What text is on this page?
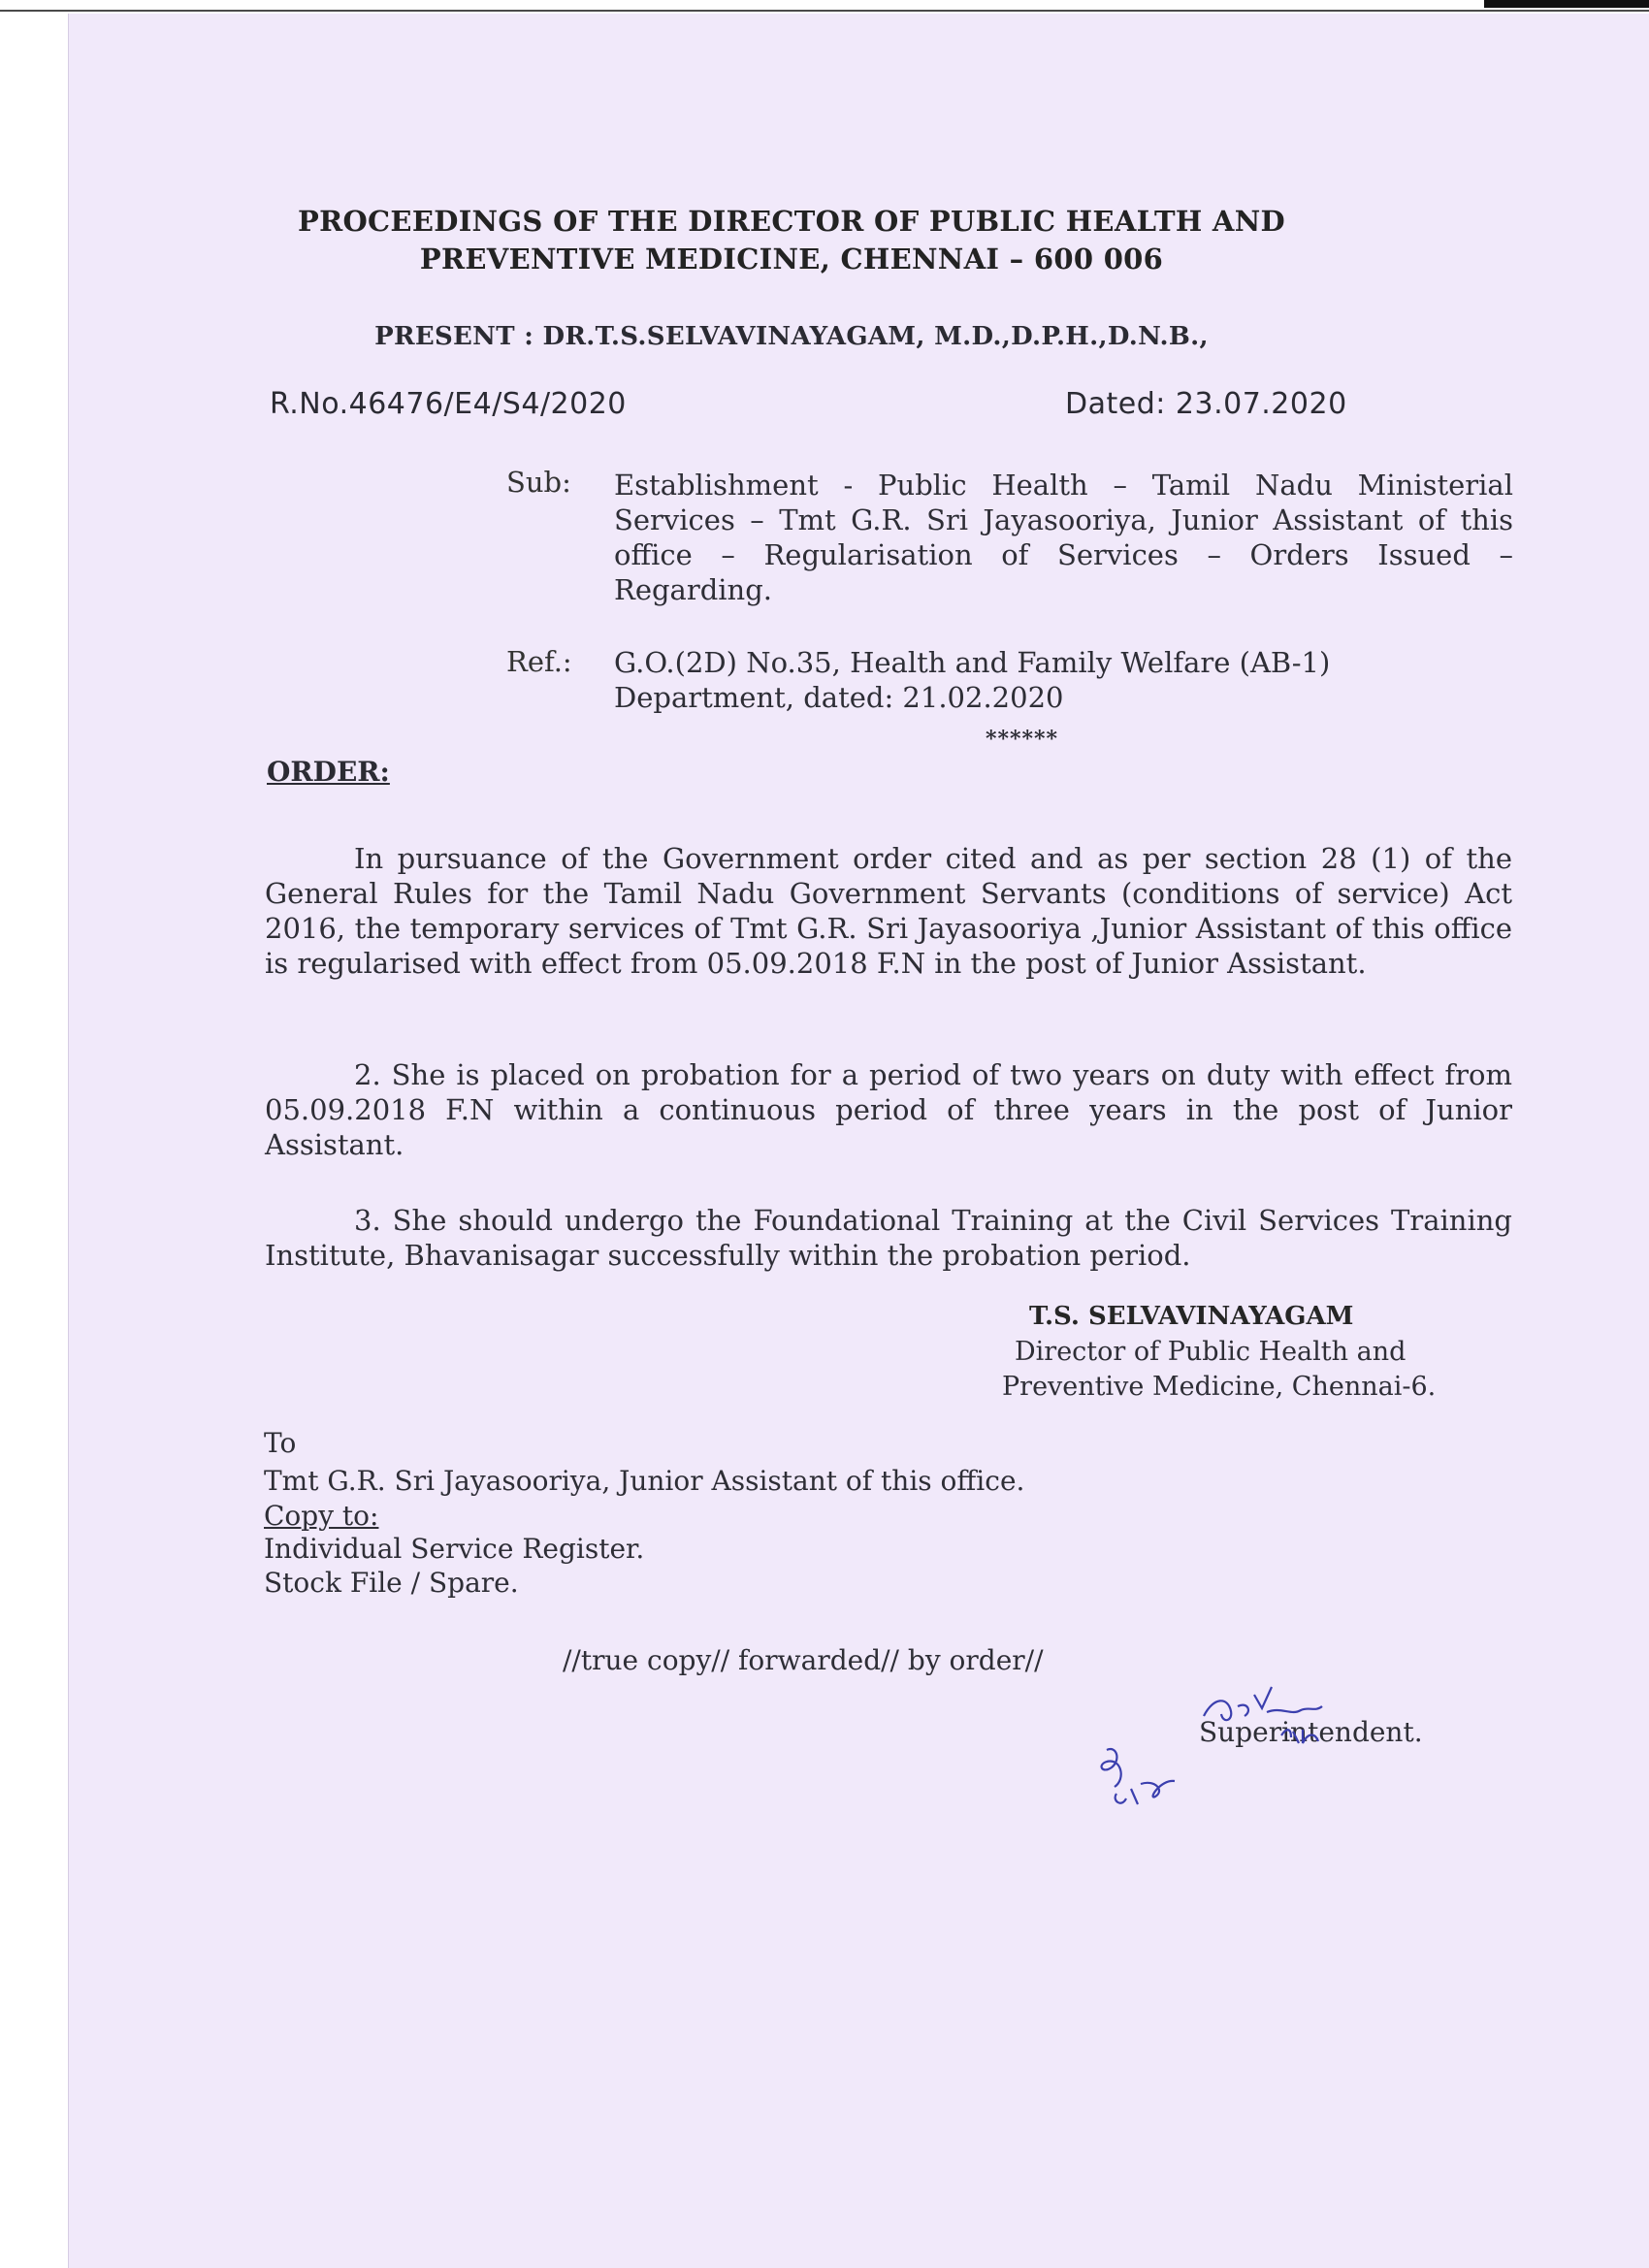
PROCEEDINGS OF THE DIRECTOR OF PUBLIC HEALTH AND
PREVENTIVE MEDICINE, CHENNAI – 600 006
PRESENT : DR.T.S.SELVAVINAYAGAM, M.D.,D.P.H.,D.N.B.,
R.No.46476/E4/S4/2020	Dated: 23.07.2020
Sub: Establishment - Public Health – Tamil Nadu Ministerial Services – Tmt G.R. Sri Jayasooriya, Junior Assistant of this office – Regularisation of Services – Orders Issued – Regarding.
Ref.: G.O.(2D) No.35, Health and Family Welfare (AB-1)
Department, dated: 21.02.2020
******
ORDER:
In pursuance of the Government order cited and as per section 28 (1) of the General Rules for the Tamil Nadu Government Servants (conditions of service) Act 2016, the temporary services of Tmt G.R. Sri Jayasooriya ,Junior Assistant of this office is regularised with effect from 05.09.2018 F.N in the post of Junior Assistant.
2. She is placed on probation for a period of two years on duty with effect from 05.09.2018 F.N within a continuous period of three years in the post of Junior Assistant.
3. She should undergo the Foundational Training at the Civil Services Training Institute, Bhavanisagar successfully within the probation period.
T.S. SELVAVINAYAGAM
Director of Public Health and
Preventive Medicine, Chennai-6.
To
Tmt G.R. Sri Jayasooriya, Junior Assistant of this office.
Copy to:
Individual Service Register.
Stock File / Spare.
//true copy// forwarded// by order//
Superintendent.
